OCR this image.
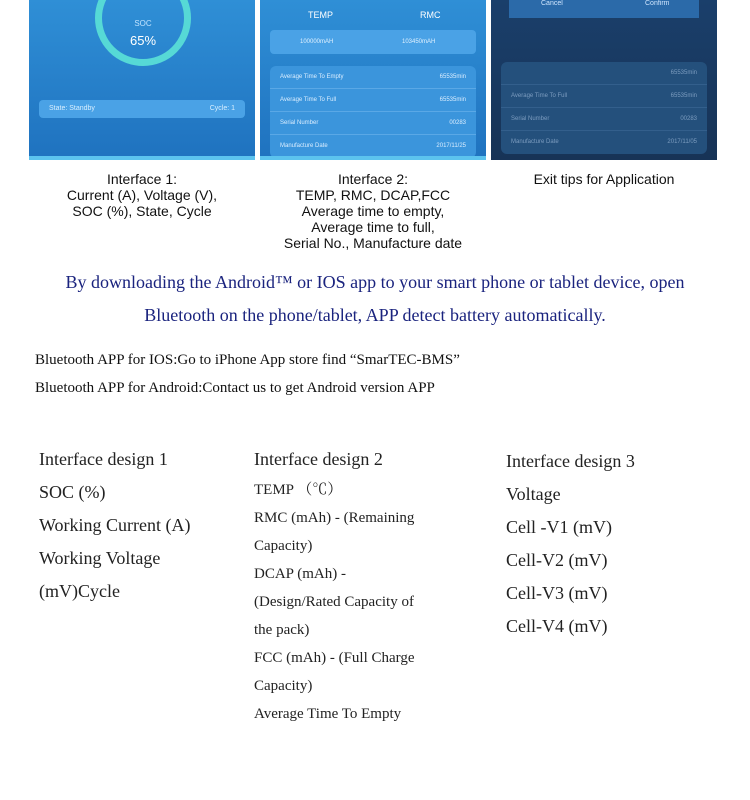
SOC
65%
State: Standby	Cycle: 1
TEMP	RMC
100000mAH	103450mAH
Average Time To Empty	65535min
Average Time To Full	65535min
Serial Number	00283
Manufacture Date	2017/11/25
Cancel	Confirm
65535min
Average Time To Full	65535min
Serial Number	00283
Manufacture Date	2017/11/05
Interface 1:
Current (A), Voltage (V),
SOC (%), State, Cycle
Interface 2:
TEMP, RMC, DCAP,FCC
Average time to empty,
Average time to full,
Serial No., Manufacture date
Exit tips for Application
By downloading the Android™ or IOS app to your smart phone or tablet device, open
Bluetooth on the phone/tablet, APP detect battery automatically.
Bluetooth APP for IOS:Go to iPhone App store find “SmarTEC-BMS”
Bluetooth APP for Android:Contact us to get Android version APP
Interface design 1
SOC (%)
Working Current (A)
Working Voltage
(mV)Cycle
Interface design 2
TEMP （℃）
RMC (mAh) - (Remaining
Capacity)
DCAP (mAh) -
(Design/Rated Capacity of
the pack)
FCC (mAh) - (Full Charge
Capacity)
Average Time To Empty
Interface design 3
Voltage
Cell -V1 (mV)
Cell-V2 (mV)
Cell-V3 (mV)
Cell-V4 (mV)
